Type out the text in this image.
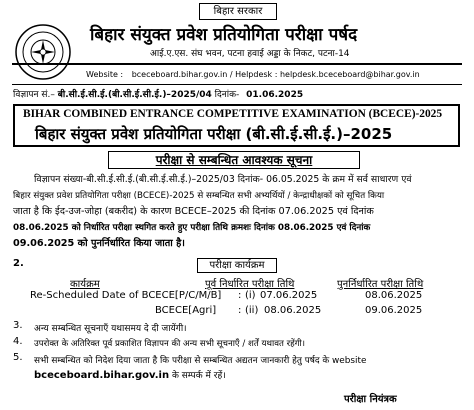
बिहार सरकार
बिहार संयुक्त प्रवेश प्रतियोगिता परीक्षा पर्षद
आई.ए.एस. संघ भवन, पटना हवाई अड्डा के निकट, पटना-14
Website : bceceboard.bihar.gov.in / Helpdesk : helpdesk.bceceboard@bihar.gov.in
विज्ञापन सं.– बी.सी.ई.सी.ई.(बी.सी.ई.सी.ई.)–2025/04 दिनांक- 01.06.2025
BIHAR COMBINED ENTRANCE COMPETITIVE EXAMINATION (BCECE)-2025
बिहार संयुक्त प्रवेश प्रतियोगिता परीक्षा (बी.सी.ई.सी.ई.)–2025
परीक्षा से सम्बन्धित आवश्यक सूचना
विज्ञापन संख्या-बी.सी.ई.सी.ई.(बी.सी.ई.सी.ई.)–2025/03 दिनांक- 06.05.2025 के क्रम में सर्व साधारण एवं
बिहार संयुक्त प्रवेश प्रतियोगिता परीक्षा (BCECE)-2025 से सम्बन्धित सभी अभ्यर्थियों / केन्द्राधीक्षकों को सूचित किया
जाता है कि ईद-उज-जोहा (बकरीद) के कारण BCECE–2025 की दिनांक 07.06.2025 एवं दिनांक
08.06.2025 को निर्धारित परीक्षा स्थगित करते हुए परीक्षा तिथि क्रमशः दिनांक 08.06.2025 एवं दिनांक
09.06.2025 को पुनर्निर्धारित किया जाता है।
2.	परीक्षा कार्यक्रम
कार्यक्रम	पूर्व निर्धारित परीक्षा तिथि	पुनर्निर्धारित परीक्षा तिथि
Re-Scheduled Date of BCECE[P/C/M/B] : (i) 07.06.2025	08.06.2025
BCECE[Agri] : (ii) 08.06.2025	09.06.2025
3. अन्य सम्बन्धित सूचनाएँ यथासमय दे दी जायेंगी।
4. उपरोक्त के अतिरिक्त पूर्व प्रकाशित विज्ञापन की अन्य सभी सूचनाएँ / शर्तें यथावत रहेंगी।
5. सभी सम्बन्धित को निदेश दिया जाता है कि परीक्षा से सम्बन्धित अद्यतन जानकारी हेतु पर्षद के website
bceceboard.bihar.gov.in के सम्पर्क में रहें।
परीक्षा नियंत्रक
